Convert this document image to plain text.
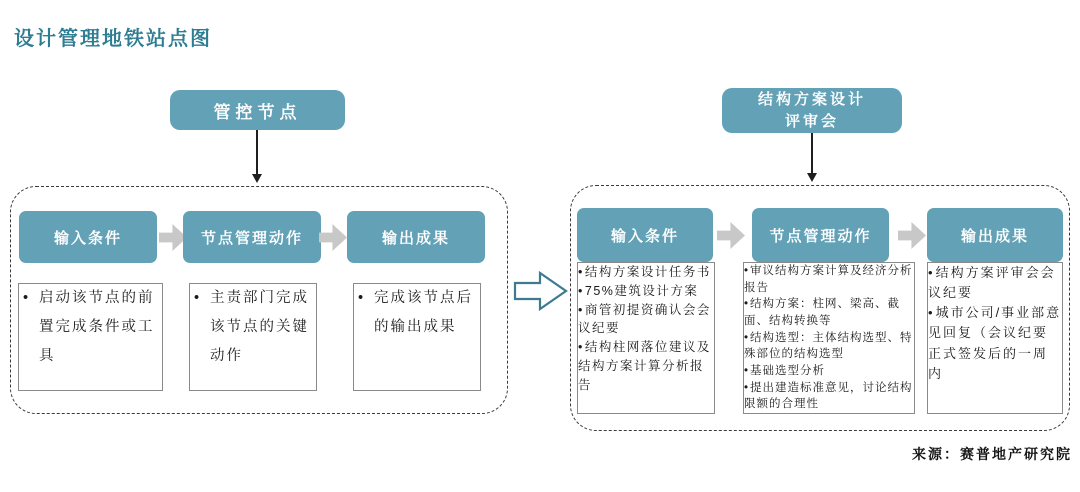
设计管理地铁站点图
管控节点
结构方案设计
评审会
输入条件	节点管理动作	输出成果
• 启动该节点的前置完成条件或工具
• 主责部门完成该节点的关键动作
• 完成该节点后的输出成果
输入条件	节点管理动作	输出成果
• 结构方案设计任务书
• 75%建筑设计方案
• 商管初提资确认会会议纪要
• 结构柱网落位建议及结构方案计算分析报告
• 审议结构方案计算及经济分析报告
• 结构方案：柱网、梁高、截面、结构转换等
• 结构选型：主体结构选型、特殊部位的结构选型
• 基础选型分析
• 提出建造标准意见，讨论结构限额的合理性
• 结构方案评审会会议纪要
• 城市公司/事业部意见回复（会议纪要正式签发后的一周内
来源：赛普地产研究院
